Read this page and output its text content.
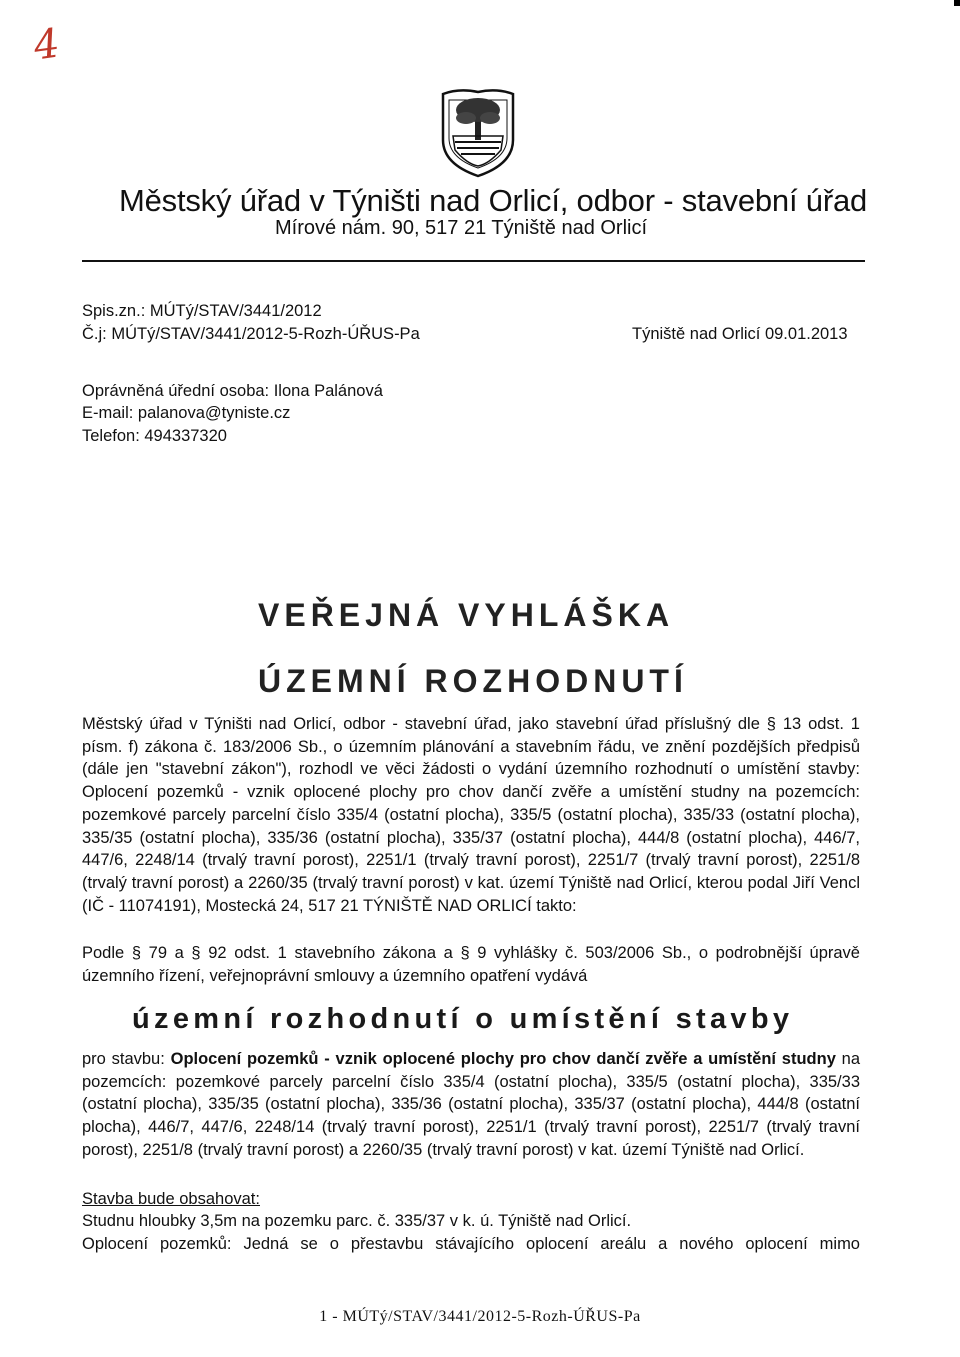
4
Městský úřad v Týništi nad Orlicí, odbor - stavební úřad
Mírové nám. 90, 517 21 Týniště nad Orlicí
Spis.zn.: MÚTý/STAV/3441/2012
Č.j: MÚTý/STAV/3441/2012-5-Rozh-ÚŘUS-Pa	Týniště nad Orlicí 09.01.2013
Oprávněná úřední osoba: Ilona Palánová
E-mail: palanova@tyniste.cz
Telefon: 494337320
VEŘEJNÁ VYHLÁŠKA
ÚZEMNÍ ROZHODNUTÍ

Městský úřad v Týništi nad Orlicí, odbor - stavební úřad, jako stavební úřad příslušný dle § 13 odst. 1 písm. f) zákona č. 183/2006 Sb., o územním plánování a stavebním řádu, ve znění pozdějších předpisů (dále jen "stavební zákon"), rozhodl ve věci žádosti o vydání územního rozhodnutí o umístění stavby: Oplocení pozemků - vznik oplocené plochy pro chov dančí zvěře a umístění studny na pozemcích: pozemkové parcely parcelní číslo 335/4 (ostatní plocha), 335/5 (ostatní plocha), 335/33 (ostatní plocha), 335/35 (ostatní plocha), 335/36 (ostatní plocha), 335/37 (ostatní plocha), 444/8 (ostatní plocha), 446/7, 447/6, 2248/14 (trvalý travní porost), 2251/1 (trvalý travní porost), 2251/7 (trvalý travní porost), 2251/8 (trvalý travní porost) a 2260/35 (trvalý travní porost) v kat. území Týniště nad Orlicí, kterou podal Jiří Vencl (IČ - 11074191), Mostecká 24, 517 21 TÝNIŠTĚ NAD ORLICÍ takto:

Podle § 79 a § 92 odst. 1 stavebního zákona a § 9 vyhlášky č. 503/2006 Sb., o podrobnější úpravě územního řízení, veřejnoprávní smlouvy a územního opatření vydává

územní rozhodnutí o umístění stavby

pro stavbu: Oplocení pozemků - vznik oplocené plochy pro chov dančí zvěře a umístění studny na pozemcích: pozemkové parcely parcelní číslo 335/4 (ostatní plocha), 335/5 (ostatní plocha), 335/33 (ostatní plocha), 335/35 (ostatní plocha), 335/36 (ostatní plocha), 335/37 (ostatní plocha), 444/8 (ostatní plocha), 446/7, 447/6, 2248/14 (trvalý travní porost), 2251/1 (trvalý travní porost), 2251/7 (trvalý travní porost), 2251/8 (trvalý travní porost) a 2260/35 (trvalý travní porost) v kat. území Týniště nad Orlicí.

Stavba bude obsahovat:
Studnu hloubky 3,5m na pozemku parc. č. 335/37 v k. ú. Týniště nad Orlicí.
Oplocení pozemků: Jedná se o přestavbu stávajícího oplocení areálu a nového oplocení mimo
1 - MÚTý/STAV/3441/2012-5-Rozh-ÚŘUS-Pa
